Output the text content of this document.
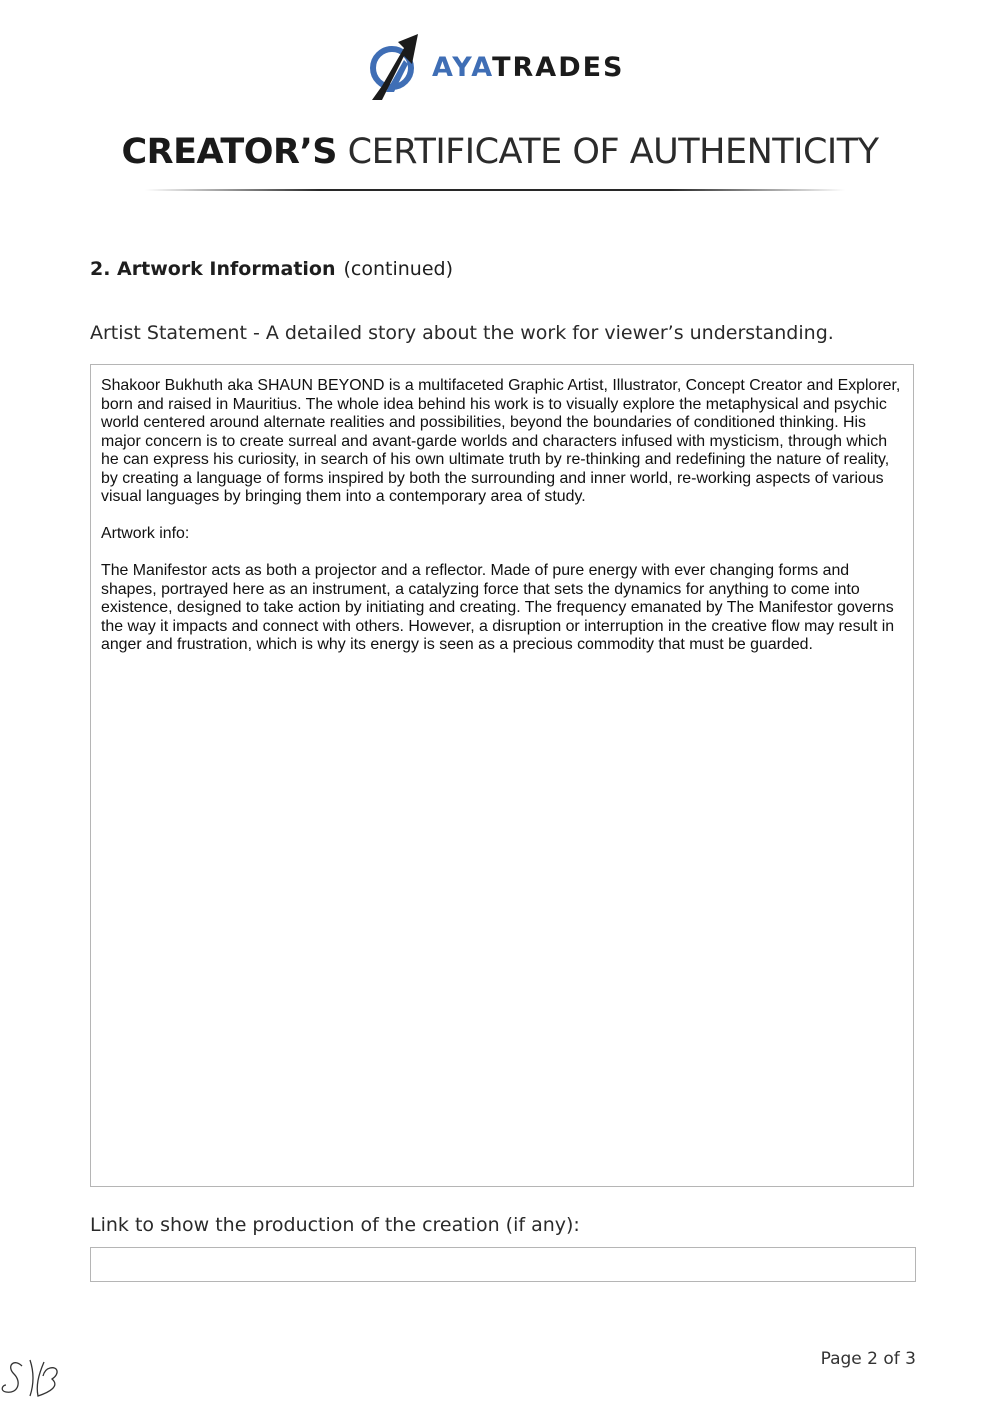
AYATRADES
CREATOR’S CERTIFICATE OF AUTHENTICITY
2. Artwork Information (continued)
Artist Statement - A detailed story about the work for viewer’s understanding.

Shakoor Bukhuth aka SHAUN BEYOND is a multifaceted Graphic Artist, Illustrator, Concept Creator and Explorer, born and raised in Mauritius. The whole idea behind his work is to visually explore the metaphysical and psychic world centered around alternate realities and possibilities, beyond the boundaries of conditioned thinking. His major concern is to create surreal and avant-garde worlds and characters infused with mysticism, through which he can express his curiosity, in search of his own ultimate truth by re-thinking and redefining the nature of reality, by creating a language of forms inspired by both the surrounding and inner world, re-working aspects of various visual languages by bringing them into a contemporary area of study.

Artwork info:

The Manifestor acts as both a projector and a reflector. Made of pure energy with ever changing forms and shapes, portrayed here as an instrument, a catalyzing force that sets the dynamics for anything to come into existence, designed to take action by initiating and creating. The frequency emanated by The Manifestor governs the way it impacts and connect with others. However, a disruption or interruption in the creative flow may result in anger and frustration, which is why its energy is seen as a precious commodity that must be guarded.

Link to show the production of the creation (if any):
Page 2 of 3
